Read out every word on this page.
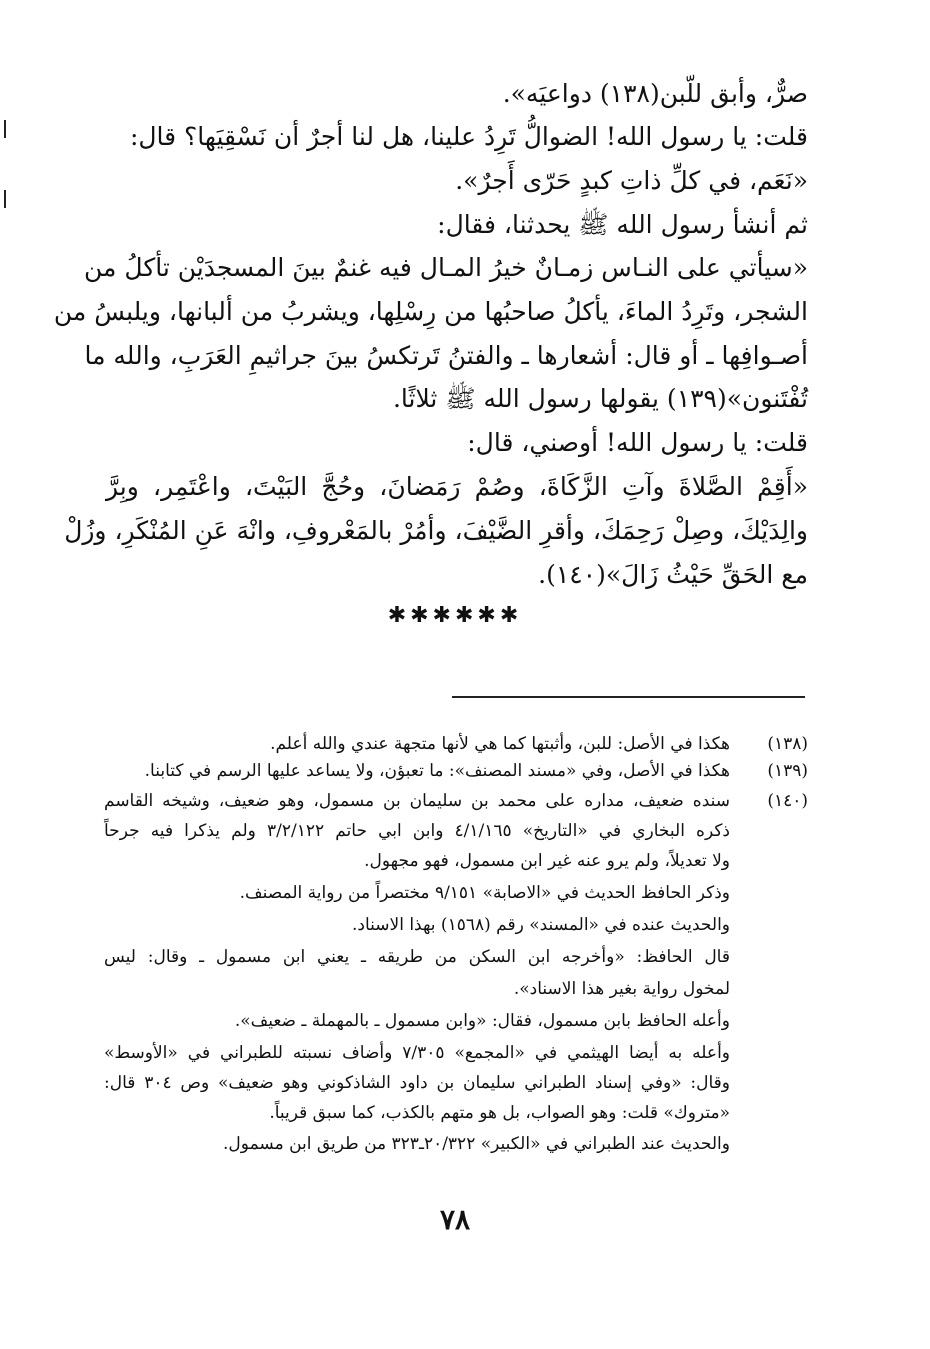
صرٌّ، وأبق للّبن(١٣٨) دواعيَه».
قلت: يا رسول الله! الضوالُّ تَرِدُ علينا، هل لنا أجرٌ أن نَسْقِيَها؟ قال:
«نَعَم، في كلِّ ذاتِ كبدٍ حَرّى أَجرٌ».
ثم أنشأ رسول الله ﷺ يحدثنا، فقال:
«سيأتي على النـاس زمـانٌ خيرُ المـال فيه غنمٌ بينَ المسجدَيْن تأكلُ من
الشجر، وتَرِدُ الماءَ، يأكلُ صاحبُها من رِسْلِها، ويشربُ من ألبانها، ويلبسُ من
أصـوافِها ـ أو قال: أشعارها ـ والفتنُ تَرتكسُ بينَ جراثيمِ العَرَبِ، والله ما
تُفْتَنون»(١٣٩) يقولها رسول الله ﷺ ثلاثًا.
قلت: يا رسول الله! أوصني، قال:
«أَقِمْ الصَّلاةَ وآتِ الزَّكَاةَ، وصُمْ رَمَضانَ، وحُجَّ البَيْتَ، واعْتَمِر، وبِرَّ
والِدَيْكَ، وصِلْ رَحِمَكَ، وأقرِ الضَّيْفَ، وأمُرْ بالمَعْروفِ، وانْهَ عَنِ المُنْكَرِ، وزُلْ
مع الحَقِّ حَيْثُ زَالَ»(١٤٠).
✱✱✱✱✱✱
(١٣٨)
(١٣٩)
(١٤٠)
هكذا في الأصل: للبن، وأثبتها كما هي لأنها متجهة عندي والله أعلم.
هكذا في الأصل، وفي «مسند المصنف»: ما تعبؤن، ولا يساعد عليها الرسم في كتابنا.
سنده ضعيف، مداره على محمد بن سليمان بن مسمول، وهو ضعيف، وشيخه القاسم
ذكره البخاري في «التاريخ» ٤/١/١٦٥ وابن ابي حاتم ٣/٢/١٢٢ ولم يذكرا فيه جرحاً
ولا تعديلاً، ولم يرو عنه غير ابن مسمول، فهو مجهول.
وذكر الحافظ الحديث في «الاصابة» ٩/١٥١ مختصراً من رواية المصنف.
والحديث عنده في «المسند» رقم (١٥٦٨) بهذا الاسناد.
قال الحافظ: «وأخرجه ابن السكن من طريقه ـ يعني ابن مسمول ـ وقال: ليس
لمخول رواية بغير هذا الاسناد».
وأعله الحافظ بابن مسمول، فقال: «وابن مسمول ـ بالمهملة ـ ضعيف».
وأعله به أيضا الهيثمي في «المجمع» ٧/٣٠٥ وأضاف نسبته للطبراني في «الأوسط»
وقال: «وفي إسناد الطبراني سليمان بن داود الشاذكوني وهو ضعيف» وص ٣٠٤ قال:
«متروك» قلت: وهو الصواب، بل هو متهم بالكذب، كما سبق قريباً.
والحديث عند الطبراني في «الكبير» ٢٠/٣٢٢ـ٣٢٣ من طريق ابن مسمول.
٧٨
